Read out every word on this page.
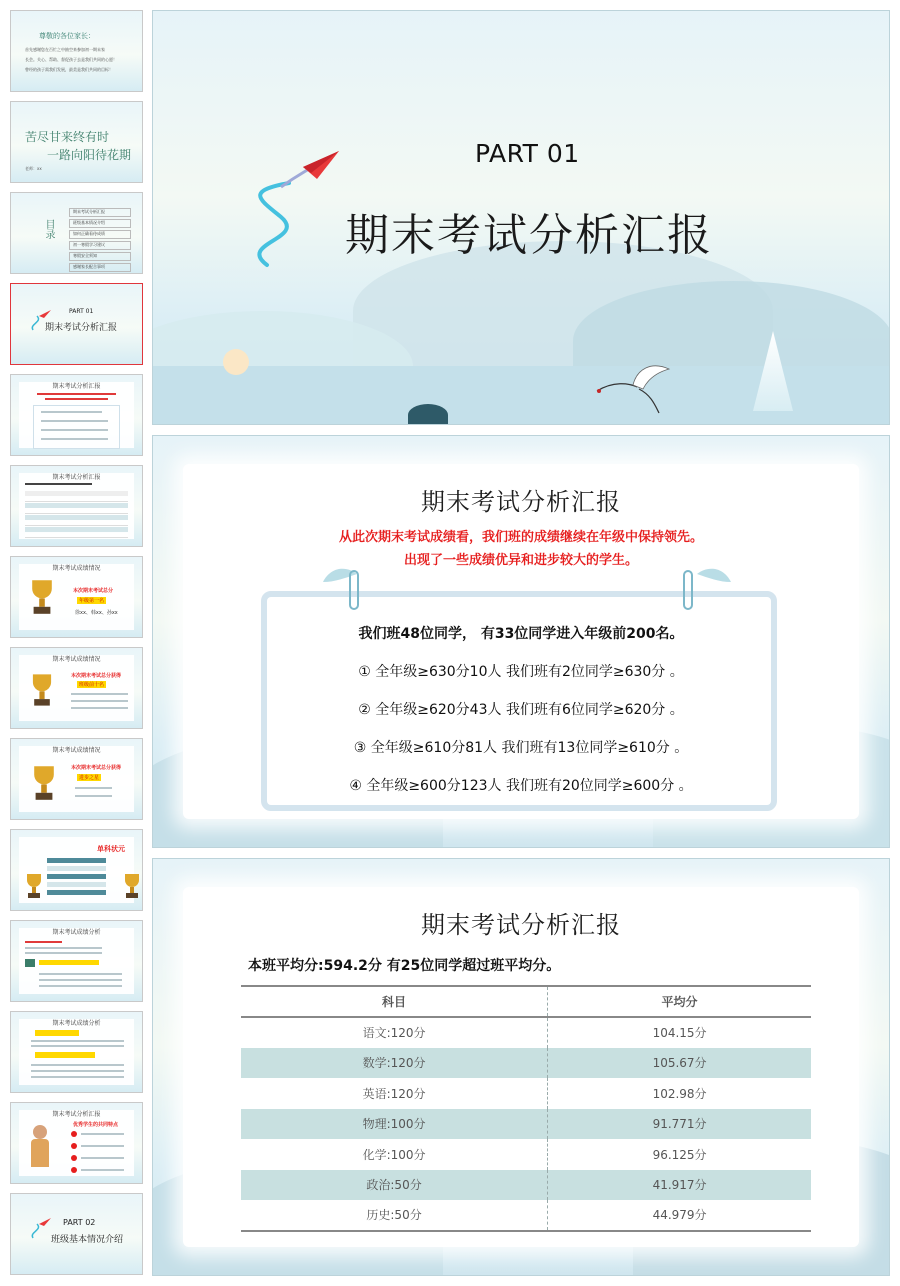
尊敬的各位家长：
首先感谢您在百忙之中抽空来参加初一期末家
长会。关心、帮助、督促孩子去是我们共同的心愿！
曾经的孩子需我们发展，最美是我们共同的目标！
苦尽甘来终有时
一路向阳待花期
老师：xx
目录
期末考试分析汇报
班级基本情况介绍
如何正确看待成绩
初一寒假学习建议
寒假安全须知
感谢家长配合事项
PART 01
期末考试分析汇报
期末考试分析汇报
期末考试分析汇报
期末考试成绩情况
本次期末考试总分
年级第一名
徐xx、韩xx、孙xx
期末考试成绩情况
本次期末考试总分获得
班级前十名
期末考试成绩情况
本次期末考试总分获得
进步之星
单科状元
期末考试成绩分析
期末考试成绩分析
期末考试分析汇报
优秀学生的共同特点
PART 02
班级基本情况介绍
PART 01
期末考试分析汇报
期末考试分析汇报
从此次期末考试成绩看，我们班的成绩继续在年级中保持领先。
出现了一些成绩优异和进步较大的学生。
我们班48位同学， 有33位同学进入年级前200名。
① 全年级≥630分10人 我们班有2位同学≥630分 。
② 全年级≥620分43人 我们班有6位同学≥620分 。
③ 全年级≥610分81人 我们班有13位同学≥610分 。
④ 全年级≥600分123人 我们班有20位同学≥600分 。
期末考试分析汇报
本班平均分:594.2分 有25位同学超过班平均分。
科目	平均分
语文:120分	104.15分
数学:120分	105.67分
英语:120分	102.98分
物理:100分	91.771分
化学:100分	96.125分
政治:50分	41.917分
历史:50分	44.979分
